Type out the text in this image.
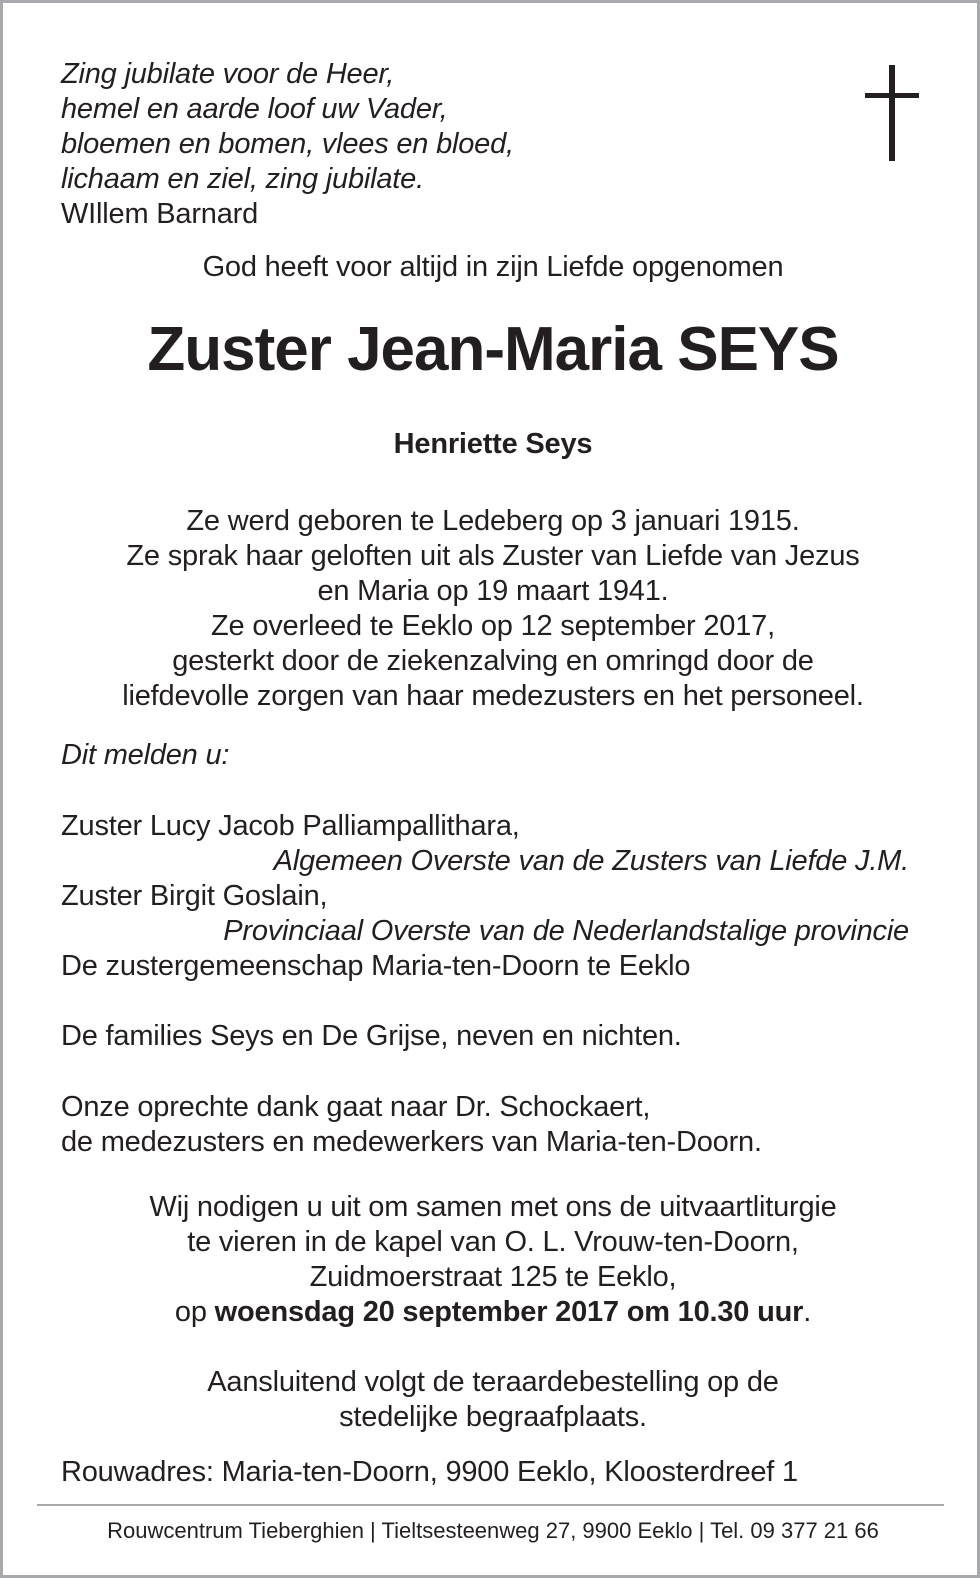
Zing jubilate voor de Heer,
hemel en aarde loof uw Vader,
bloemen en bomen, vlees en bloed,
lichaam en ziel, zing jubilate.
WIllem Barnard
God heeft voor altijd in zijn Liefde opgenomen
Zuster Jean-Maria SEYS
Henriette Seys
Ze werd geboren te Ledeberg op 3 januari 1915.
Ze sprak haar geloften uit als Zuster van Liefde van Jezus
en Maria op 19 maart 1941.
Ze overleed te Eeklo op 12 september 2017,
gesterkt door de ziekenzalving en omringd door de
liefdevolle zorgen van haar medezusters en het personeel.
Dit melden u:
Zuster Lucy Jacob Palliampallithara,
Algemeen Overste van de Zusters van Liefde J.M.
Zuster Birgit Goslain,
Provinciaal Overste van de Nederlandstalige provincie
De zustergemeenschap Maria-ten-Doorn te Eeklo
De families Seys en De Grijse, neven en nichten.
Onze oprechte dank gaat naar Dr. Schockaert,
de medezusters en medewerkers van Maria-ten-Doorn.
Wij nodigen u uit om samen met ons de uitvaartliturgie
te vieren in de kapel van O. L. Vrouw-ten-Doorn,
Zuidmoerstraat 125 te Eeklo,
op woensdag 20 september 2017 om 10.30 uur.
Aansluitend volgt de teraardebestelling op de
stedelijke begraafplaats.
Rouwadres: Maria-ten-Doorn, 9900 Eeklo, Kloosterdreef 1
Rouwcentrum Tieberghien | Tieltsesteenweg 27, 9900 Eeklo | Tel. 09 377 21 66
